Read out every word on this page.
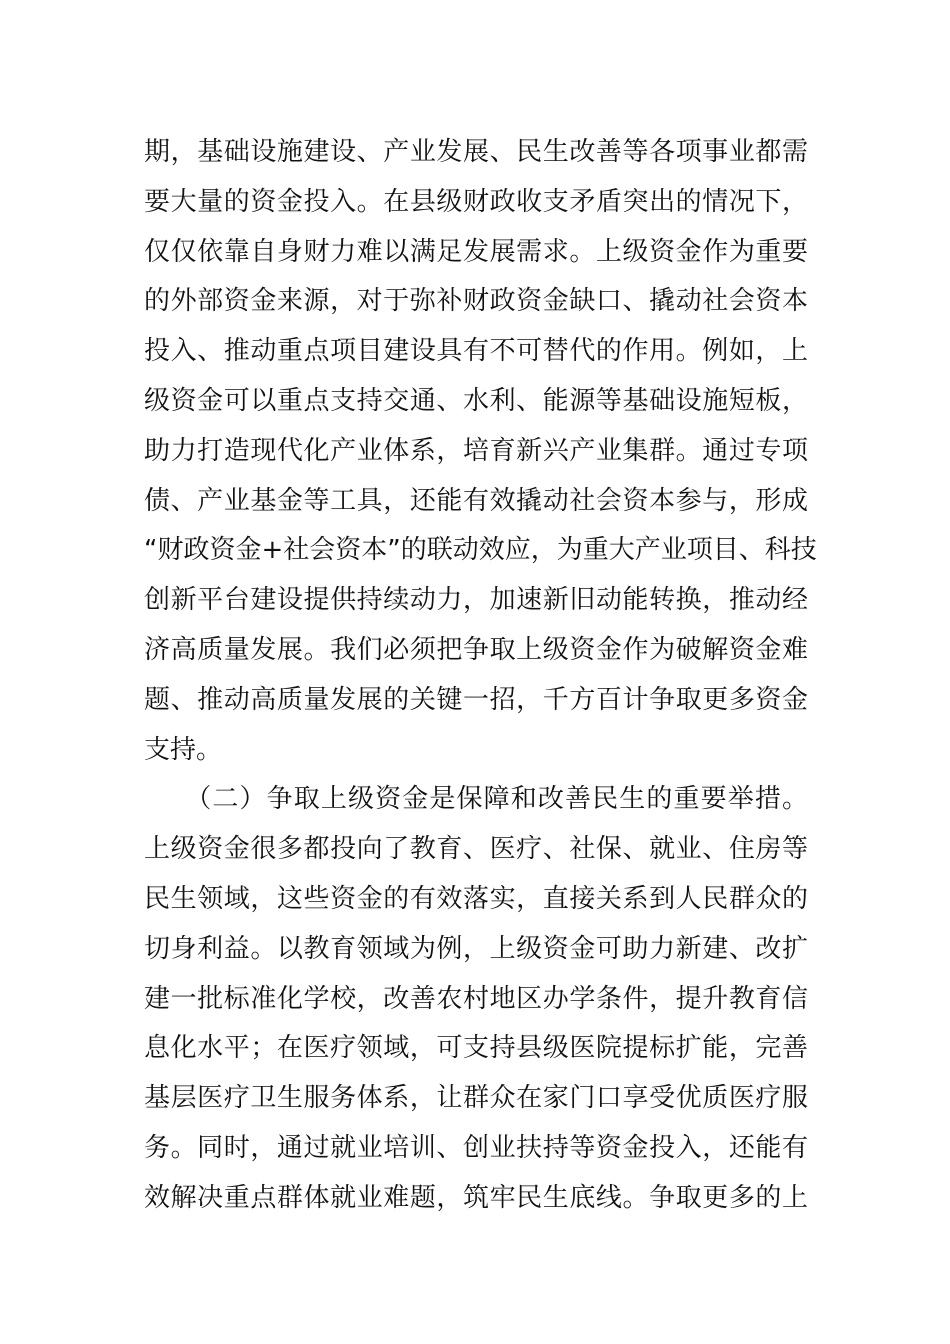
期，基础设施建设、产业发展、民生改善等各项事业都需
要大量的资金投入。在县级财政收支矛盾突出的情况下，
仅仅依靠自身财力难以满足发展需求。上级资金作为重要
的外部资金来源，对于弥补财政资金缺口、撬动社会资本
投入、推动重点项目建设具有不可替代的作用。例如，上
级资金可以重点支持交通、水利、能源等基础设施短板，
助力打造现代化产业体系，培育新兴产业集群。通过专项
债、产业基金等工具，还能有效撬动社会资本参与，形成
“财政资金+社会资本”的联动效应，为重大产业项目、科技
创新平台建设提供持续动力，加速新旧动能转换，推动经
济高质量发展。我们必须把争取上级资金作为破解资金难
题、推动高质量发展的关键一招，千方百计争取更多资金
支持。
　　（二）争取上级资金是保障和改善民生的重要举措。
上级资金很多都投向了教育、医疗、社保、就业、住房等
民生领域，这些资金的有效落实，直接关系到人民群众的
切身利益。以教育领域为例，上级资金可助力新建、改扩
建一批标准化学校，改善农村地区办学条件，提升教育信
息化水平；在医疗领域，可支持县级医院提标扩能，完善
基层医疗卫生服务体系，让群众在家门口享受优质医疗服
务。同时，通过就业培训、创业扶持等资金投入，还能有
效解决重点群体就业难题，筑牢民生底线。争取更多的上
